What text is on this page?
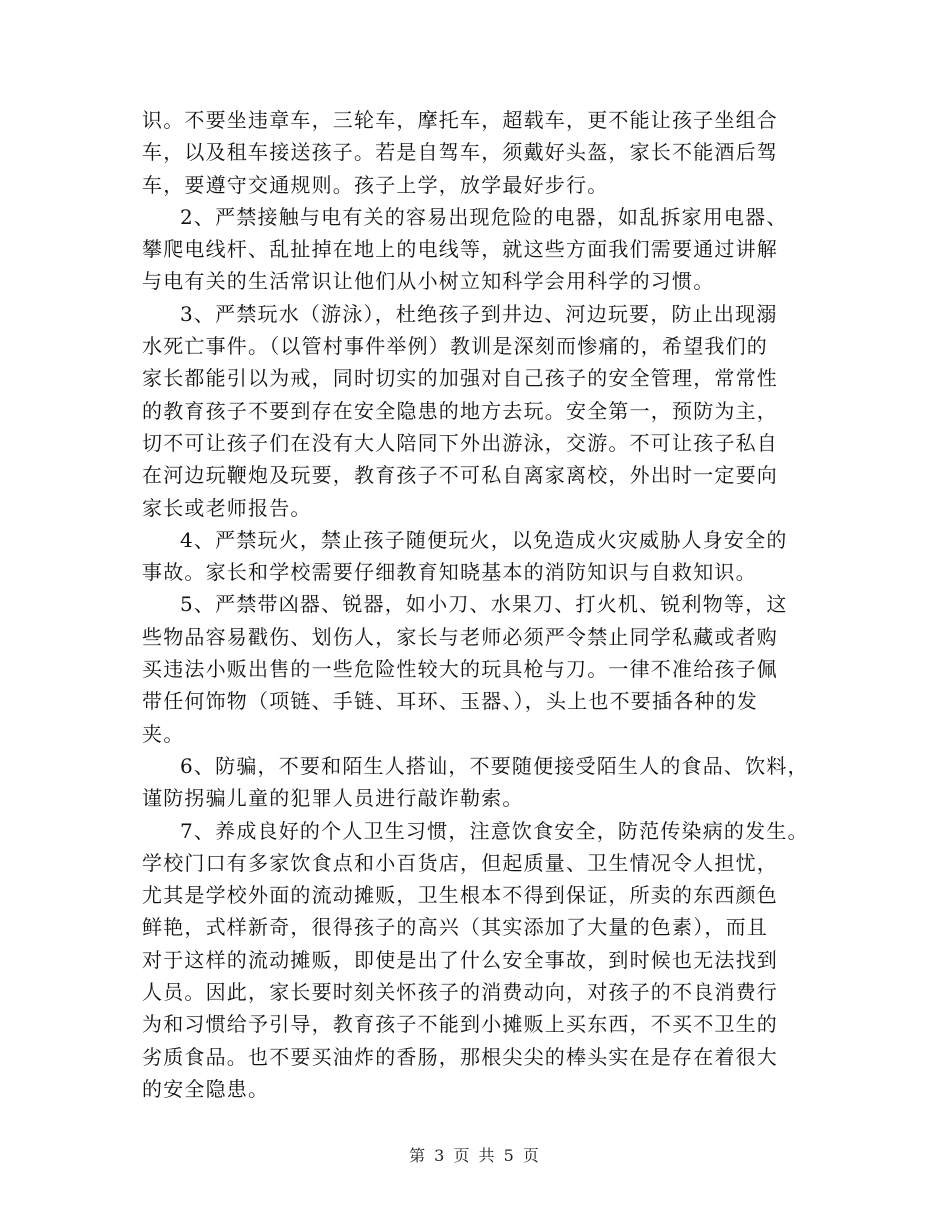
识。不要坐违章车，三轮车，摩托车，超载车，更不能让孩子坐组合
车，以及租车接送孩子。若是自驾车，须戴好头盔，家长不能酒后驾
车，要遵守交通规则。孩子上学，放学最好步行。
2、严禁接触与电有关的容易出现危险的电器，如乱拆家用电器、
攀爬电线杆、乱扯掉在地上的电线等，就这些方面我们需要通过讲解
与电有关的生活常识让他们从小树立知科学会用科学的习惯。
3、严禁玩水（游泳），杜绝孩子到井边、河边玩要，防止出现溺
水死亡事件。（以管村事件举例）教训是深刻而惨痛的，希望我们的
家长都能引以为戒，同时切实的加强对自己孩子的安全管理，常常性
的教育孩子不要到存在安全隐患的地方去玩。安全第一，预防为主，
切不可让孩子们在没有大人陪同下外出游泳，交游。不可让孩子私自
在河边玩鞭炮及玩要，教育孩子不可私自离家离校，外出时一定要向
家长或老师报告。
4、严禁玩火，禁止孩子随便玩火，以免造成火灾威胁人身安全的
事故。家长和学校需要仔细教育知晓基本的消防知识与自救知识。
5、严禁带凶器、锐器，如小刀、水果刀、打火机、锐利物等，这
些物品容易戳伤、划伤人，家长与老师必须严令禁止同学私藏或者购
买违法小贩出售的一些危险性较大的玩具枪与刀。一律不准给孩子佩
带任何饰物（项链、手链、耳环、玉器、），头上也不要插各种的发
夹。
6、防骗，不要和陌生人搭讪，不要随便接受陌生人的食品、饮料，
谨防拐骗儿童的犯罪人员进行敲诈勒索。
7、养成良好的个人卫生习惯，注意饮食安全，防范传染病的发生。
学校门口有多家饮食点和小百货店，但起质量、卫生情况令人担忧，
尤其是学校外面的流动摊贩，卫生根本不得到保证，所卖的东西颜色
鲜艳，式样新奇，很得孩子的高兴（其实添加了大量的色素），而且
对于这样的流动摊贩，即使是出了什么安全事故，到时候也无法找到
人员。因此，家长要时刻关怀孩子的消费动向，对孩子的不良消费行
为和习惯给予引导，教育孩子不能到小摊贩上买东西，不买不卫生的
劣质食品。也不要买油炸的香肠，那根尖尖的棒头实在是存在着很大
的安全隐患。
第 3 页 共 5 页
